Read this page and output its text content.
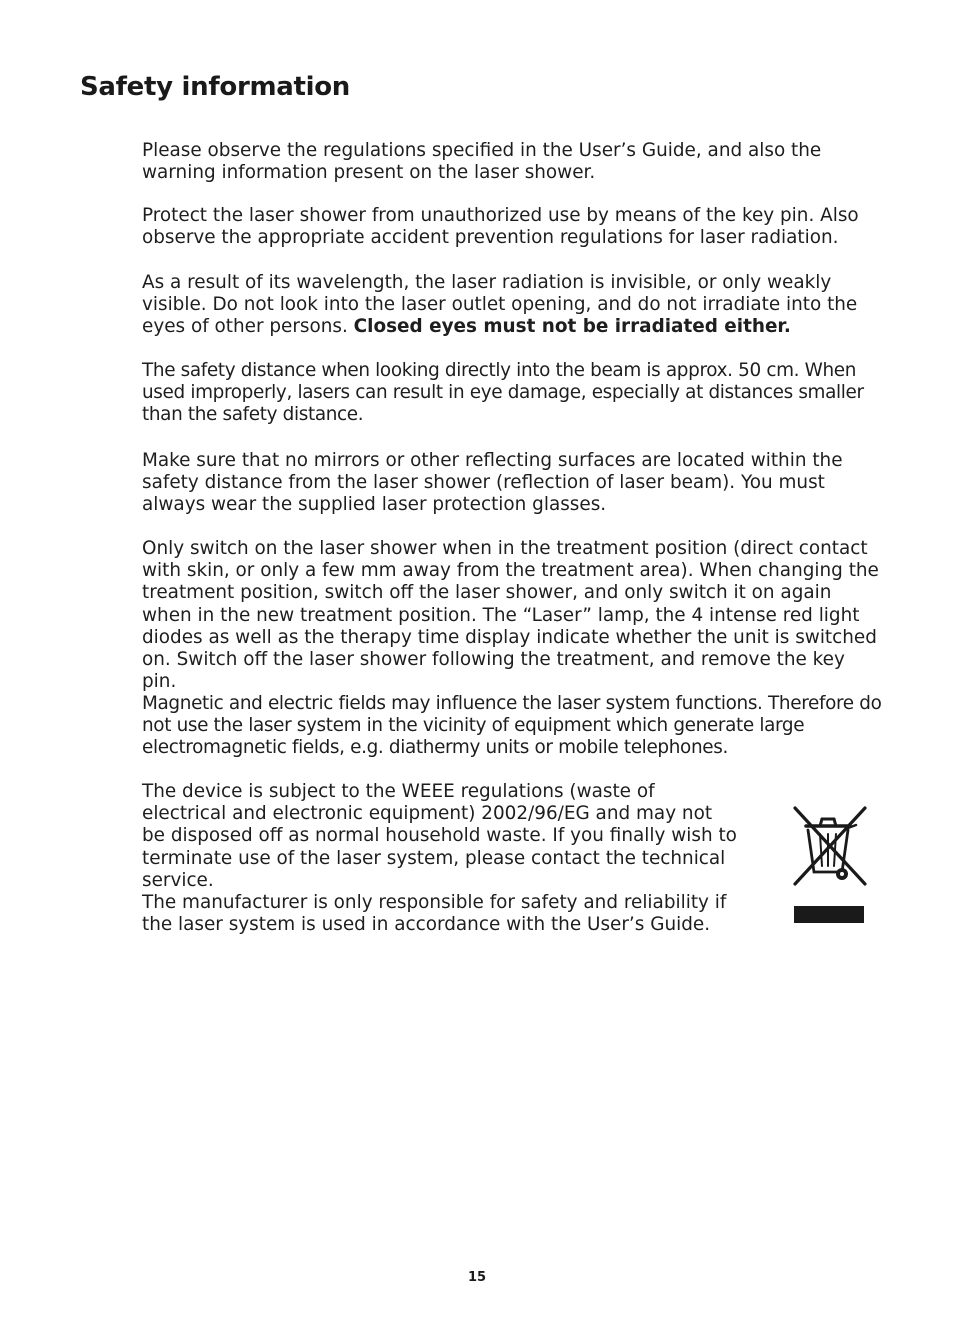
Safety information

Please observe the regulations specified in the User’s Guide, and also the warning information present on the laser shower.

Protect the laser shower from unauthorized use by means of the key pin. Also observe the appropriate accident prevention regulations for laser radiation.

As a result of its wavelength, the laser radiation is invisible, or only weakly visible. Do not look into the laser outlet opening, and do not irradiate into the eyes of other persons. Closed eyes must not be irradiated either.

The safety distance when looking directly into the beam is approx. 50 cm. When used improperly, lasers can result in eye damage, especially at distances smaller than the safety distance.

Make sure that no mirrors or other reflecting surfaces are located within the safety distance from the laser shower (reflection of laser beam). You must always wear the supplied laser protection glasses.

Only switch on the laser shower when in the treatment position (direct contact with skin, or only a few mm away from the treatment area). When changing the treatment position, switch off the laser shower, and only switch it on again when in the new treatment position. The “Laser” lamp, the 4 intense red light diodes as well as the therapy time display indicate whether the unit is switched on. Switch off the laser shower following the treatment, and remove the key pin.

Magnetic and electric fields may influence the laser system functions. Therefore do not use the laser system in the vicinity of equipment which generate large electromagnetic fields, e.g. diathermy units or mobile telephones.

The device is subject to the WEEE regulations (waste of electrical and electronic equipment) 2002/96/EG and may not be disposed off as normal household waste. If you finally wish to terminate use of the laser system, please contact the technical service.

The manufacturer is only responsible for safety and reliability if the laser system is used in accordance with the User’s Guide.

15
